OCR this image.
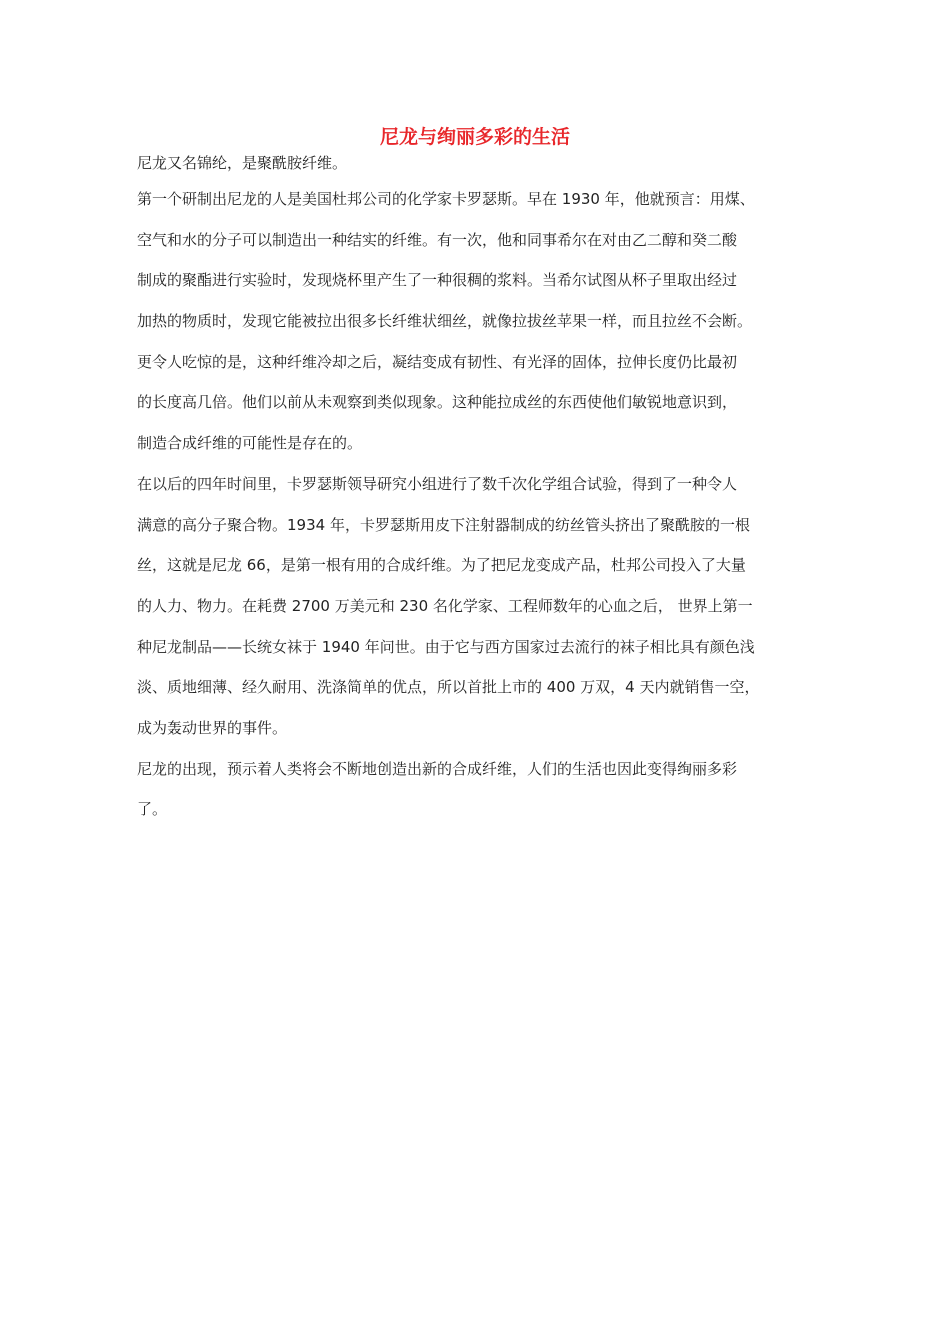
尼龙与绚丽多彩的生活
尼龙又名锦纶，是聚酰胺纤维。
第一个研制出尼龙的人是美国杜邦公司的化学家卡罗瑟斯。早在 1930 年，他就预言：用煤、
空气和水的分子可以制造出一种结实的纤维。有一次，他和同事希尔在对由乙二醇和癸二酸
制成的聚酯进行实验时，发现烧杯里产生了一种很稠的浆料。当希尔试图从杯子里取出经过
加热的物质时，发现它能被拉出很多长纤维状细丝，就像拉拔丝苹果一样，而且拉丝不会断。
更令人吃惊的是，这种纤维冷却之后，凝结变成有韧性、有光泽的固体，拉伸长度仍比最初
的长度高几倍。他们以前从未观察到类似现象。这种能拉成丝的东西使他们敏锐地意识到，
制造合成纤维的可能性是存在的。
在以后的四年时间里，卡罗瑟斯领导研究小组进行了数千次化学组合试验，得到了一种令人
满意的高分子聚合物。1934 年，卡罗瑟斯用皮下注射器制成的纺丝管头挤出了聚酰胺的一根
丝，这就是尼龙 66，是第一根有用的合成纤维。为了把尼龙变成产品，杜邦公司投入了大量
的人力、物力。在耗费 2700 万美元和 230 名化学家、工程师数年的心血之后， 世界上第一
种尼龙制品——长统女袜于 1940 年问世。由于它与西方国家过去流行的袜子相比具有颜色浅
淡、质地细薄、经久耐用、洗涤简单的优点，所以首批上市的 400 万双，4 天内就销售一空，
成为轰动世界的事件。
尼龙的出现，预示着人类将会不断地创造出新的合成纤维，人们的生活也因此变得绚丽多彩
了。
